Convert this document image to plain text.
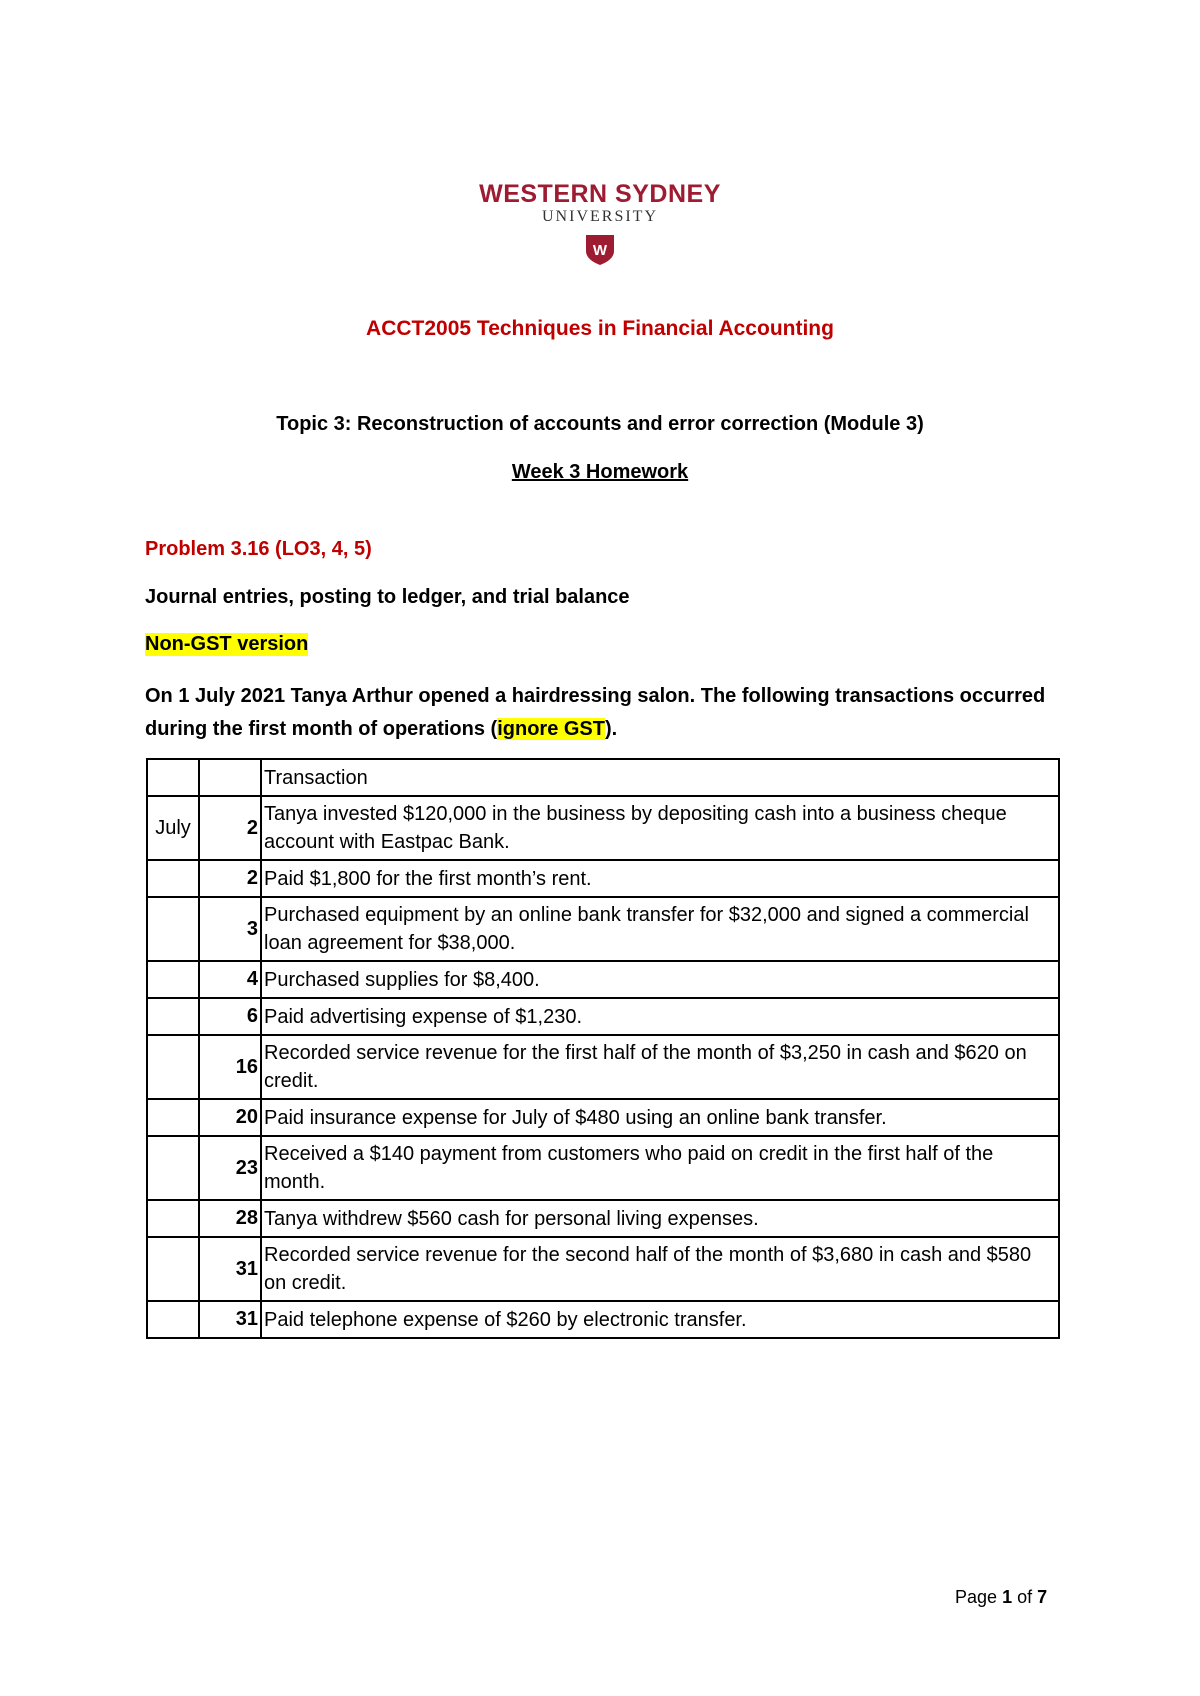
WESTERN SYDNEY
UNIVERSITY
W
ACCT2005 Techniques in Financial Accounting
Topic 3: Reconstruction of accounts and error correction (Module 3)
Week 3 Homework
Problem 3.16 (LO3, 4, 5)
Journal entries, posting to ledger, and trial balance
Non-GST version
On 1 July 2021 Tanya Arthur opened a hairdressing salon. The following transactions occurred during the first month of operations (ignore GST).
		Transaction
July	2	Tanya invested $120,000 in the business by depositing cash into a business cheque account with Eastpac Bank.
	2	Paid $1,800 for the first month’s rent.
	3	Purchased equipment by an online bank transfer for $32,000 and signed a commercial loan agreement for $38,000.
	4	Purchased supplies for $8,400.
	6	Paid advertising expense of $1,230.
	16	Recorded service revenue for the first half of the month of $3,250 in cash and $620 on credit.
	20	Paid insurance expense for July of $480 using an online bank transfer.
	23	Received a $140 payment from customers who paid on credit in the first half of the month.
	28	Tanya withdrew $560 cash for personal living expenses.
	31	Recorded service revenue for the second half of the month of $3,680 in cash and $580 on credit.
	31	Paid telephone expense of $260 by electronic transfer.
Page 1 of 7
